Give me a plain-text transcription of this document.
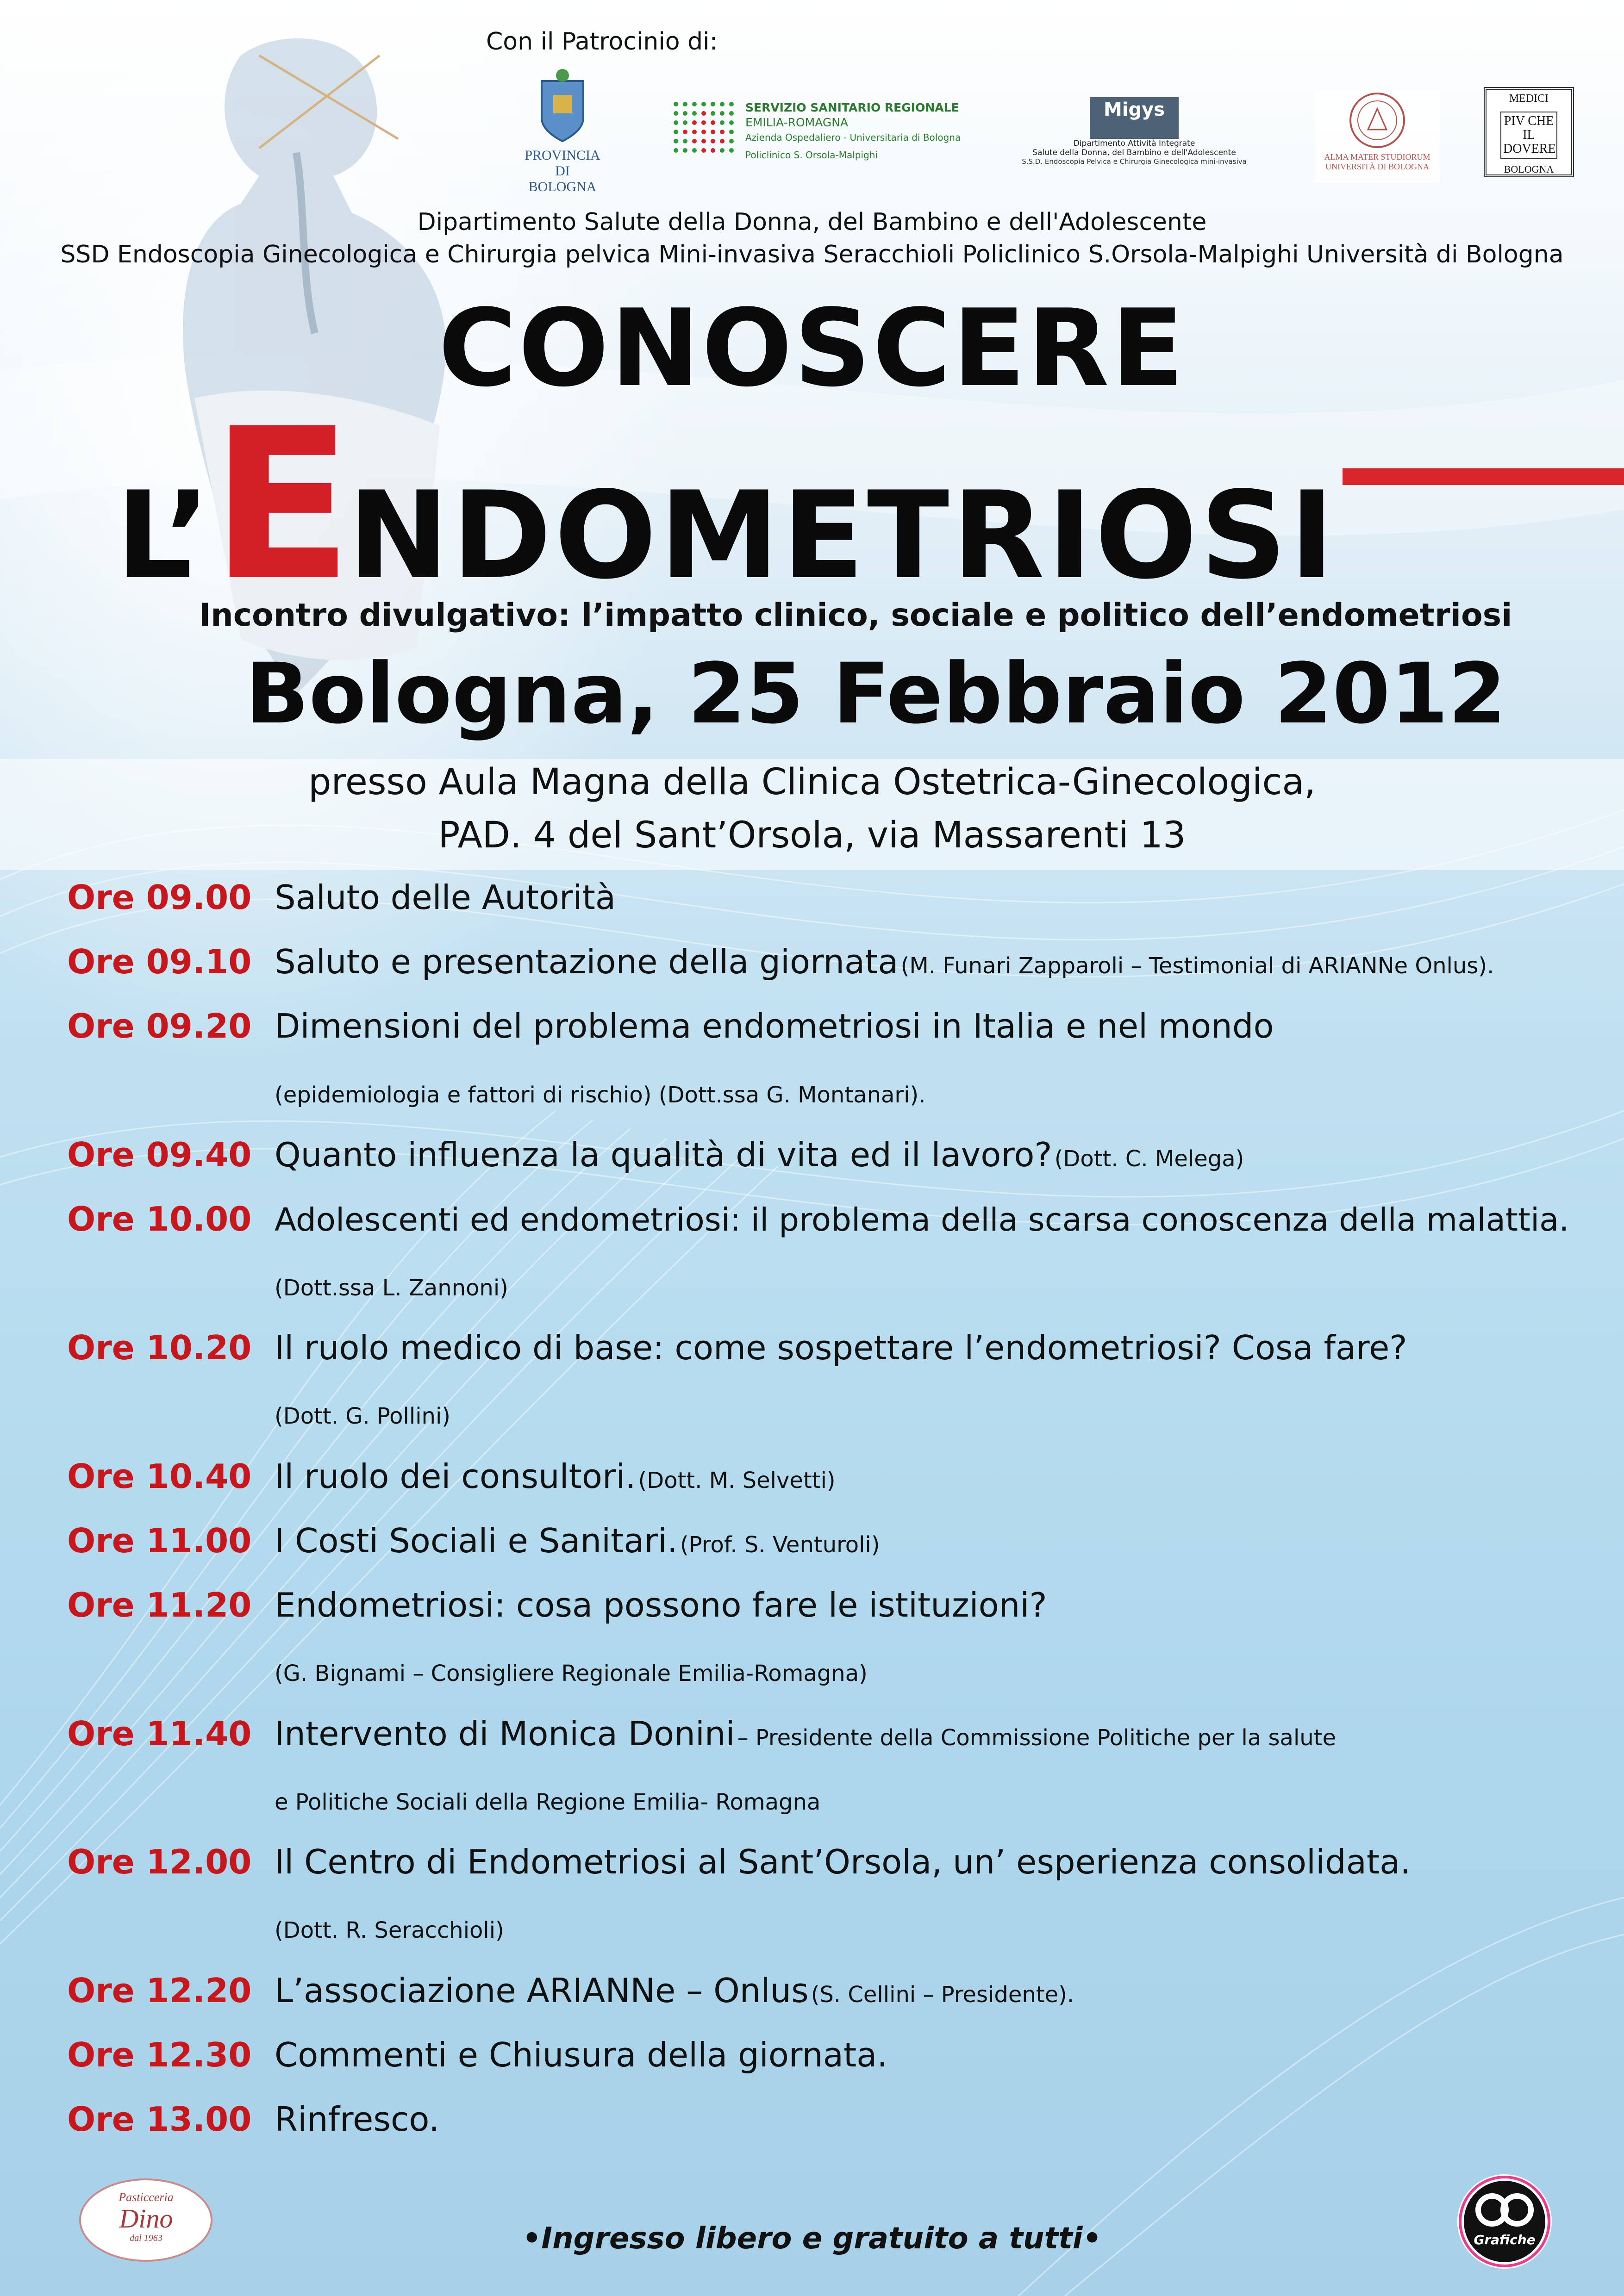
Con il Patrocinio di:
PROVINCIA DI BOLOGNA
SERVIZIO SANITARIO REGIONALE
EMILIA-ROMAGNA
Azienda Ospedaliero - Universitaria di Bologna
Policlinico S. Orsola-Malpighi
Migys
Dipartimento Attività Integrate
Salute della Donna, del Bambino e dell'Adolescente
S.S.D. Endoscopia Pelvica e Chirurgia Ginecologica mini-invasiva	ALMA MATER STUDIORUM
UNIVERSITÀ DI BOLOGNA
MEDICI
PIV CHE IL DOVERE
BOLOGNA
Dipartimento Salute della Donna, del Bambino e dell'Adolescente
SSD Endoscopia Ginecologica e Chirurgia pelvica Mini-invasiva Seracchioli Policlinico S.Orsola-Malpighi Università di Bologna
CONOSCERE
L’ENDOMETRIOSI
Incontro divulgativo: l’impatto clinico, sociale e politico dell’endometriosi
Bologna, 25 Febbraio 2012
presso Aula Magna della Clinica Ostetrica-Ginecologica,
PAD. 4 del Sant’Orsola, via Massarenti 13
Ore 09.00 Saluto delle Autorità
Ore 09.10 Saluto e presentazione della giornata (M. Funari Zapparoli – Testimonial di ARIANNe Onlus).
Ore 09.20 Dimensioni del problema endometriosi in Italia e nel mondo
(epidemiologia e fattori di rischio) (Dott.ssa G. Montanari).
Ore 09.40 Quanto influenza la qualità di vita ed il lavoro? (Dott. C. Melega)
Ore 10.00 Adolescenti ed endometriosi: il problema della scarsa conoscenza della malattia.
(Dott.ssa L. Zannoni)
Ore 10.20 Il ruolo medico di base: come sospettare l’endometriosi? Cosa fare?
(Dott. G. Pollini)
Ore 10.40 Il ruolo dei consultori. (Dott. M. Selvetti)
Ore 11.00 I Costi Sociali e Sanitari. (Prof. S. Venturoli)
Ore 11.20 Endometriosi: cosa possono fare le istituzioni?
(G. Bignami – Consigliere Regionale Emilia-Romagna)
Ore 11.40 Intervento di Monica Donini – Presidente della Commissione Politiche per la salute
e Politiche Sociali della Regione Emilia- Romagna
Ore 12.00 Il Centro di Endometriosi al Sant’Orsola, un’ esperienza consolidata.
(Dott. R. Seracchioli)
Ore 12.20 L’associazione ARIANNe – Onlus (S. Cellini – Presidente).
Ore 12.30 Commenti e Chiusura della giornata.
Ore 13.00 Rinfresco.
Pasticceria
Dino
dal 1963	•Ingresso libero e gratuito a tutti•	Grafiche
